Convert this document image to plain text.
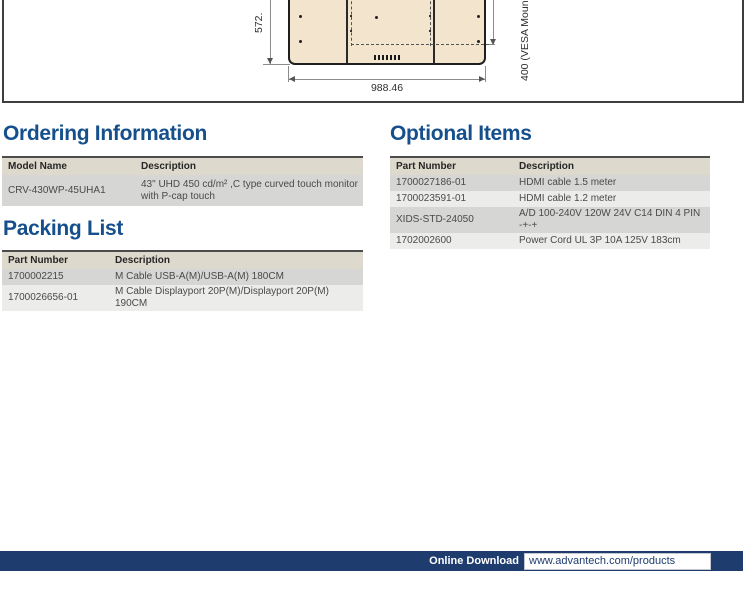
988.46
572.	400 (VESA Moun
Ordering Information
Model Name	Description
CRV-430WP-45UHA1	43" UHD 450 cd/m² ,C type curved touch monitor with P-cap touch
Packing List
Part Number	Description
1700002215	M Cable USB-A(M)/USB-A(M) 180CM
1700026656-01	M Cable Displayport 20P(M)/Displayport 20P(M) 190CM
Optional Items
Part Number	Description
1700027186-01	HDMI cable 1.5 meter
1700023591-01	HDMI cable 1.2 meter
XIDS-STD-24050	A/D 100-240V 120W 24V C14 DIN 4 PIN -+-+
1702002600	Power Cord UL 3P 10A 125V 183cm
Online Download www.advantech.com/products
